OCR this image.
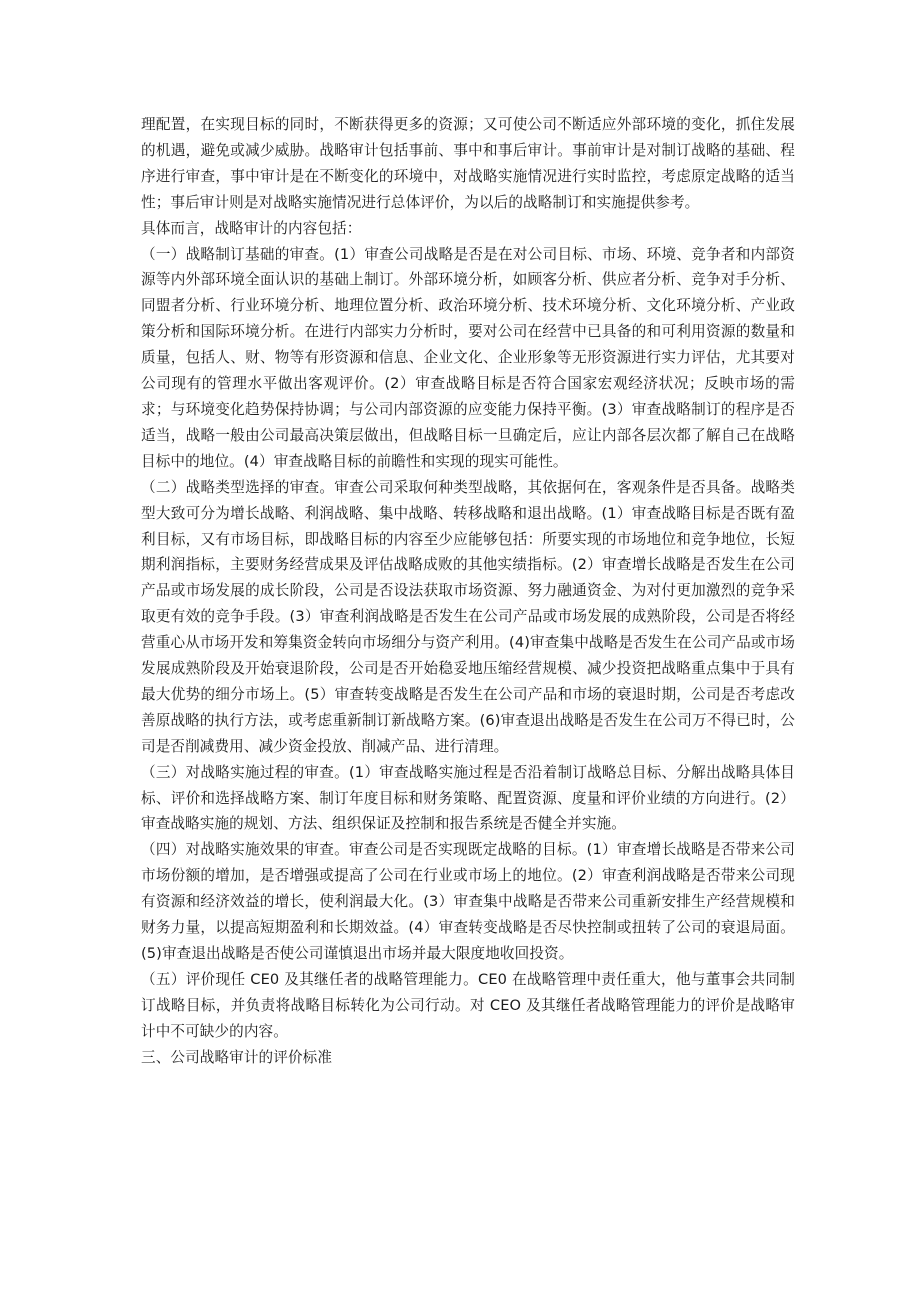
理配置，在实现目标的同时，不断获得更多的资源；又可使公司不断适应外部环境的变化，抓住发展的机遇，避免或减少威胁。战略审计包括事前、事中和事后审计。事前审计是对制订战略的基础、程序进行审查，事中审计是在不断变化的环境中，对战略实施情况进行实时监控，考虑原定战略的适当性；事后审计则是对战略实施情况进行总体评价，为以后的战略制订和实施提供参考。

具体而言，战略审计的内容包括：

（一）战略制订基础的审查。(1）审查公司战略是否是在对公司目标、市场、环境、竞争者和内部资源等内外部环境全面认识的基础上制订。外部环境分析，如顾客分析、供应者分析、竞争对手分析、同盟者分析、行业环境分析、地理位置分析、政治环境分析、技术环境分析、文化环境分析、产业政策分析和国际环境分析。在进行内部实力分析时，要对公司在经营中已具备的和可利用资源的数量和质量，包括人、财、物等有形资源和信息、企业文化、企业形象等无形资源进行实力评估，尤其要对公司现有的管理水平做出客观评价。(2）审查战略目标是否符合国家宏观经济状况；反映市场的需求；与环境变化趋势保持协调；与公司内部资源的应变能力保持平衡。(3）审查战略制订的程序是否适当，战略一般由公司最高决策层做出，但战略目标一旦确定后，应让内部各层次都了解自己在战略目标中的地位。(4）审查战略目标的前瞻性和实现的现实可能性。

（二）战略类型选择的审查。审查公司采取何种类型战略，其依据何在，客观条件是否具备。战略类型大致可分为增长战略、利润战略、集中战略、转移战略和退出战略。(1）审查战略目标是否既有盈利目标，又有市场目标，即战略目标的内容至少应能够包括：所要实现的市场地位和竞争地位，长短期利润指标，主要财务经营成果及评估战略成败的其他实绩指标。(2）审查增长战略是否发生在公司产品或市场发展的成长阶段，公司是否设法获取市场资源、努力融通资金、为对付更加激烈的竞争采取更有效的竞争手段。(3）审查利润战略是否发生在公司产品或市场发展的成熟阶段，公司是否将经营重心从市场开发和筹集资金转向市场细分与资产利用。(4)审查集中战略是否发生在公司产品或市场发展成熟阶段及开始衰退阶段，公司是否开始稳妥地压缩经营规模、减少投资把战略重点集中于具有最大优势的细分市场上。(5）审查转变战略是否发生在公司产品和市场的衰退时期，公司是否考虑改善原战略的执行方法，或考虑重新制订新战略方案。(6)审查退出战略是否发生在公司万不得已时，公司是否削减费用、减少资金投放、削减产品、进行清理。

（三）对战略实施过程的审查。(1）审查战略实施过程是否沿着制订战略总目标、分解出战略具体目标、评价和选择战略方案、制订年度目标和财务策略、配置资源、度量和评价业绩的方向进行。(2）审查战略实施的规划、方法、组织保证及控制和报告系统是否健全并实施。

（四）对战略实施效果的审查。审查公司是否实现既定战略的目标。(1）审查增长战略是否带来公司市场份额的增加，是否增强或提高了公司在行业或市场上的地位。(2）审查利润战略是否带来公司现有资源和经济效益的增长，使利润最大化。(3）审查集中战略是否带来公司重新安排生产经营规模和财务力量，以提高短期盈利和长期效益。(4）审查转变战略是否尽快控制或扭转了公司的衰退局面。(5)审查退出战略是否使公司谨慎退出市场并最大限度地收回投资。

（五）评价现任 CE0 及其继任者的战略管理能力。CE0 在战略管理中责任重大，他与董事会共同制订战略目标，并负责将战略目标转化为公司行动。对 CEO 及其继任者战略管理能力的评价是战略审计中不可缺少的内容。

三、公司战略审计的评价标准
